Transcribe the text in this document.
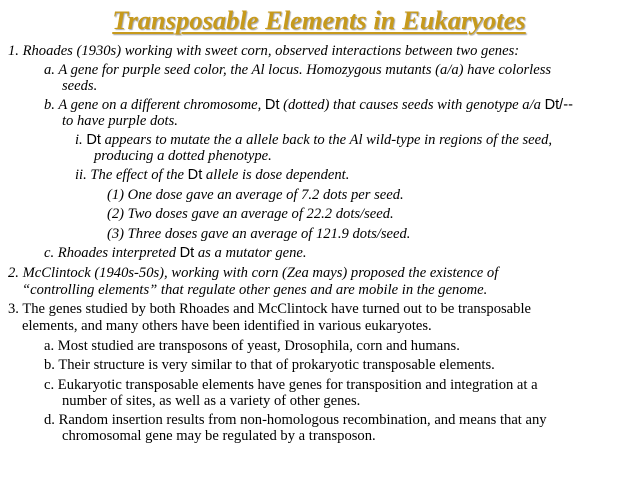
Transposable Elements in Eukaryotes
1. Rhoades (1930s) working with sweet corn, observed interactions between two genes:
a. A gene for purple seed color, the Al locus. Homozygous mutants (a/a) have colorless
seeds.
b. A gene on a different chromosome, Dt (dotted) that causes seeds with genotype a/a Dt/--
to have purple dots.
i. Dt appears to mutate the a allele back to the Al wild-type in regions of the seed,
producing a dotted phenotype.
ii. The effect of the Dt allele is dose dependent.
(1) One dose gave an average of 7.2 dots per seed.
(2) Two doses gave an average of 22.2 dots/seed.
(3) Three doses gave an average of 121.9 dots/seed.
c. Rhoades interpreted Dt as a mutator gene.
2. McClintock (1940s-50s), working with corn (Zea mays) proposed the existence of
“controlling elements” that regulate other genes and are mobile in the genome.
3. The genes studied by both Rhoades and McClintock have turned out to be transposable
elements, and many others have been identified in various eukaryotes.
a. Most studied are transposons of yeast, Drosophila, corn and humans.
b. Their structure is very similar to that of prokaryotic transposable elements.
c. Eukaryotic transposable elements have genes for transposition and integration at a
number of sites, as well as a variety of other genes.
d. Random insertion results from non-homologous recombination, and means that any
chromosomal gene may be regulated by a transposon.
